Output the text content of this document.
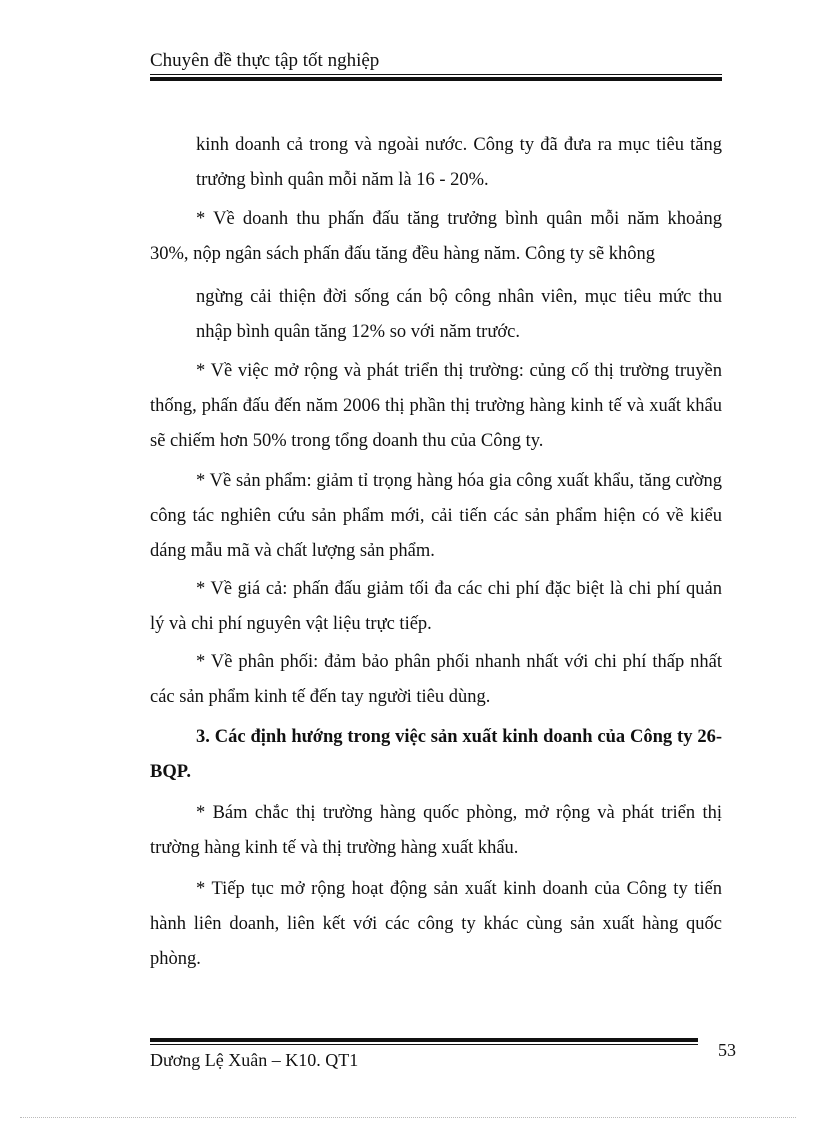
Chuyên đề thực tập tốt nghiệp

kinh doanh cả trong và ngoài nước. Công ty đã đưa ra mục tiêu tăng trưởng bình quân mỗi năm là 16 - 20%.

* Về doanh thu phấn đấu tăng trưởng bình quân mỗi năm khoảng 30%, nộp ngân sách phấn đấu tăng đều hàng năm. Công ty sẽ không

ngừng cải thiện đời sống cán bộ công nhân viên, mục tiêu mức thu nhập bình quân tăng 12% so với năm trước.

* Về việc mở rộng và phát triển thị trường: củng cố thị trường truyền thống, phấn đấu đến năm 2006 thị phần thị trường hàng kinh tế và xuất khẩu sẽ chiếm hơn 50% trong tổng doanh thu của Công ty.

* Về sản phẩm: giảm tỉ trọng hàng hóa gia công xuất khẩu, tăng cường công tác nghiên cứu sản phẩm mới, cải tiến các sản phẩm hiện có về kiểu dáng mẫu mã và chất lượng sản phẩm.

* Về giá cả: phấn đấu giảm tối đa các chi phí đặc biệt là chi phí quản lý và chi phí nguyên vật liệu trực tiếp.

* Về phân phối: đảm bảo phân phối nhanh nhất với chi phí thấp nhất các sản phẩm kinh tế đến tay người tiêu dùng.

3. Các định hướng trong việc sản xuất kinh doanh của Công ty 26-BQP.

* Bám chắc thị trường hàng quốc phòng, mở rộng và phát triển thị trường hàng kinh tế và thị trường hàng xuất khẩu.

* Tiếp tục mở rộng hoạt động sản xuất kinh doanh của Công ty tiến hành liên doanh, liên kết với các công ty khác cùng sản xuất hàng quốc phòng.

Dương Lệ Xuân – K10. QT1	53
